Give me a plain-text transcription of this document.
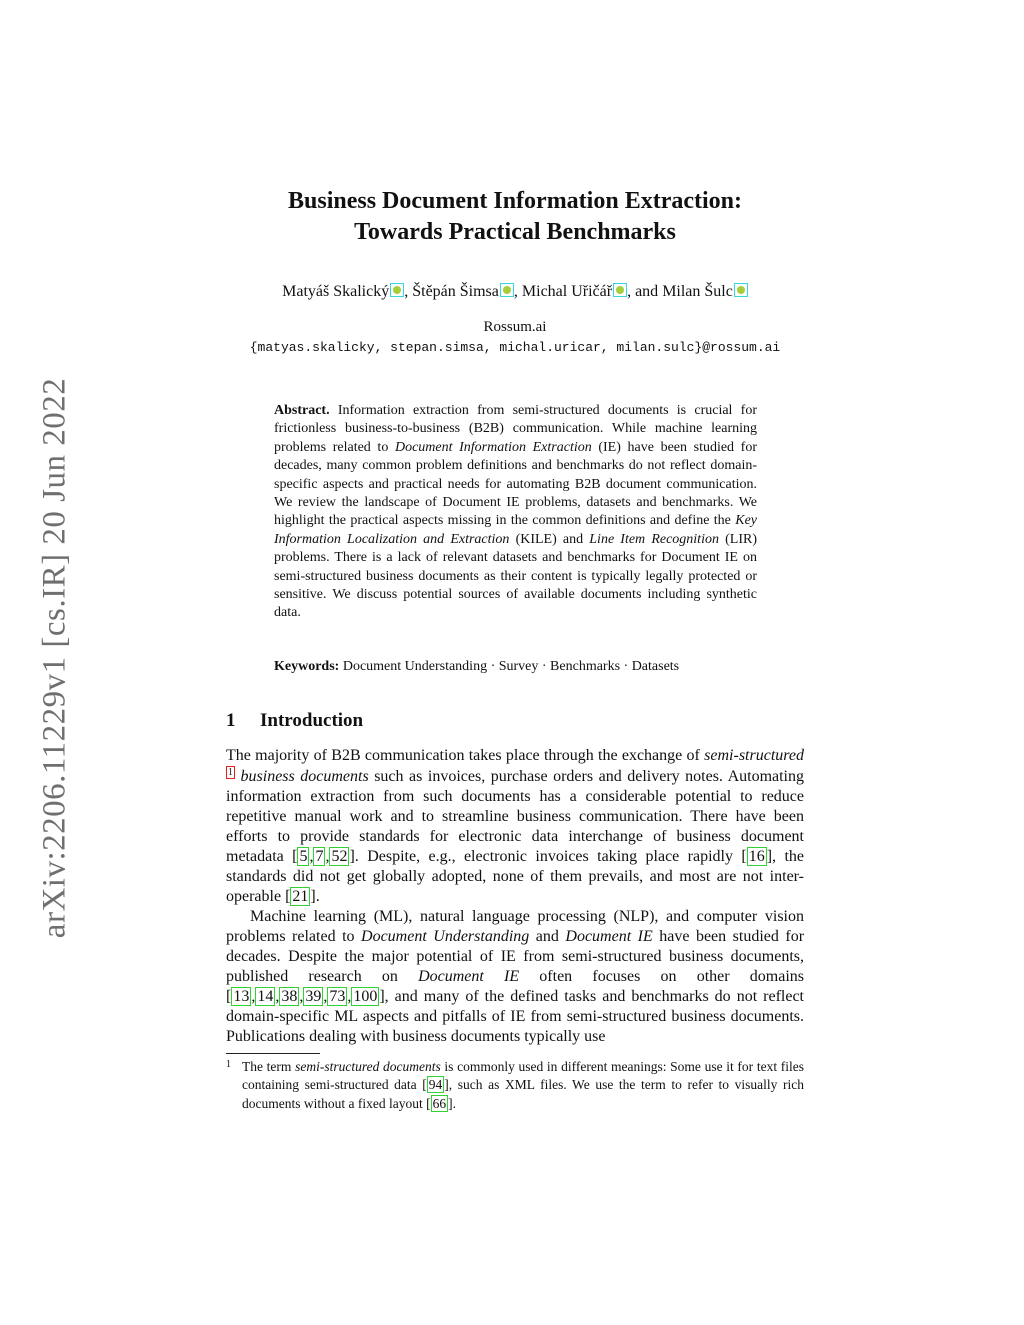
arXiv:2206.11229v1 [cs.IR] 20 Jun 2022
Business Document Information Extraction:
Towards Practical Benchmarks
Matyáš Skalický , Štěpán Šimsa , Michal Uřičář , and Milan Šulc
Rossum.ai
{matyas.skalicky, stepan.simsa, michal.uricar, milan.sulc}@rossum.ai
Abstract. Information extraction from semi-structured documents is crucial for frictionless business-to-business (B2B) communication. While machine learning problems related to Document Information Extraction (IE) have been studied for decades, many common problem definitions and benchmarks do not reflect domain-specific aspects and practical needs for automating B2B document communication. We review the landscape of Document IE problems, datasets and benchmarks. We highlight the practical aspects missing in the common definitions and define the Key Information Localization and Extraction (KILE) and Line Item Recognition (LIR) problems. There is a lack of relevant datasets and benchmarks for Document IE on semi-structured business documents as their content is typically legally protected or sensitive. We discuss potential sources of available documents including synthetic data.
Keywords: Document Understanding · Survey · Benchmarks · Datasets
1 Introduction

The majority of B2B communication takes place through the exchange of semi-structured1 business documents such as invoices, purchase orders and delivery notes. Automating information extraction from such documents has a considerable potential to reduce repetitive manual work and to streamline business communication. There have been efforts to provide standards for electronic data interchange of business document metadata [ 5 , 7 , 52 ]. Despite, e.g., electronic invoices taking place rapidly [ 16 ], the standards did not get globally adopted, none of them prevails, and most are not inter-operable [ 21 ].

Machine learning (ML), natural language processing (NLP), and computer vision problems related to Document Understanding and Document IE have been studied for decades. Despite the major potential of IE from semi-structured business documents, published research on Document IE often focuses on other domains [ 13 , 14 , 38 , 39 , 73 , 100 ], and many of the defined tasks and benchmarks do not reflect domain-specific ML aspects and pitfalls of IE from semi-structured business documents. Publications dealing with business documents typically use

1 The term semi-structured documents is commonly used in different meanings: Some use it for text files containing semi-structured data [ 94 ], such as XML files. We use the term to refer to visually rich documents without a fixed layout [ 66 ].
